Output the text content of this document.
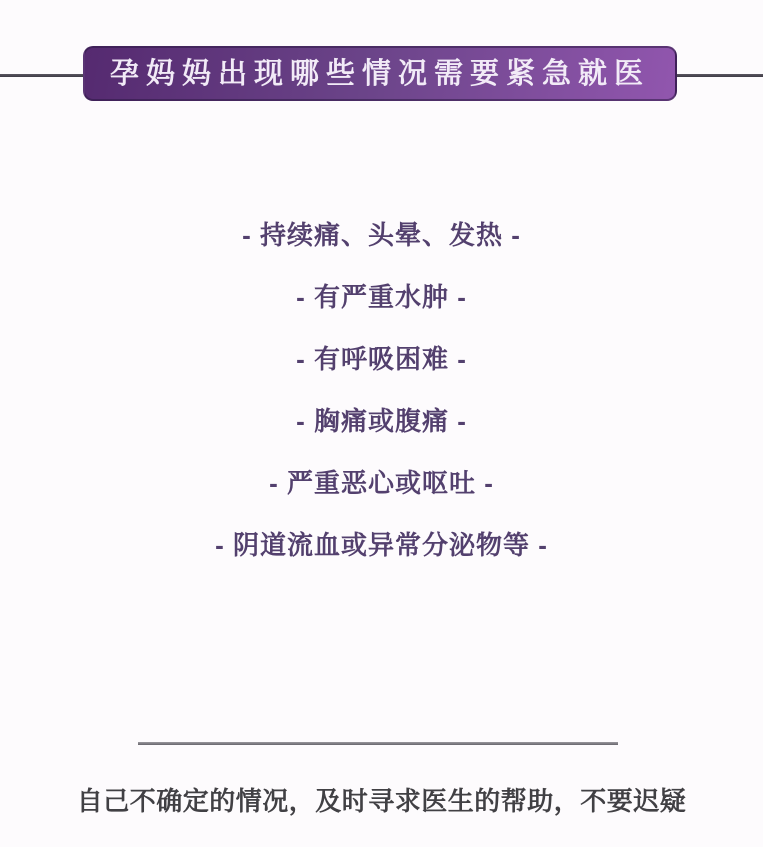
孕妈妈出现哪些情况需要紧急就医
- 持续痛、头晕、发热 -
- 有严重水肿 -
- 有呼吸困难 -
- 胸痛或腹痛 -
- 严重恶心或呕吐 -
- 阴道流血或异常分泌物等 -
自己不确定的情况，及时寻求医生的帮助，不要迟疑
